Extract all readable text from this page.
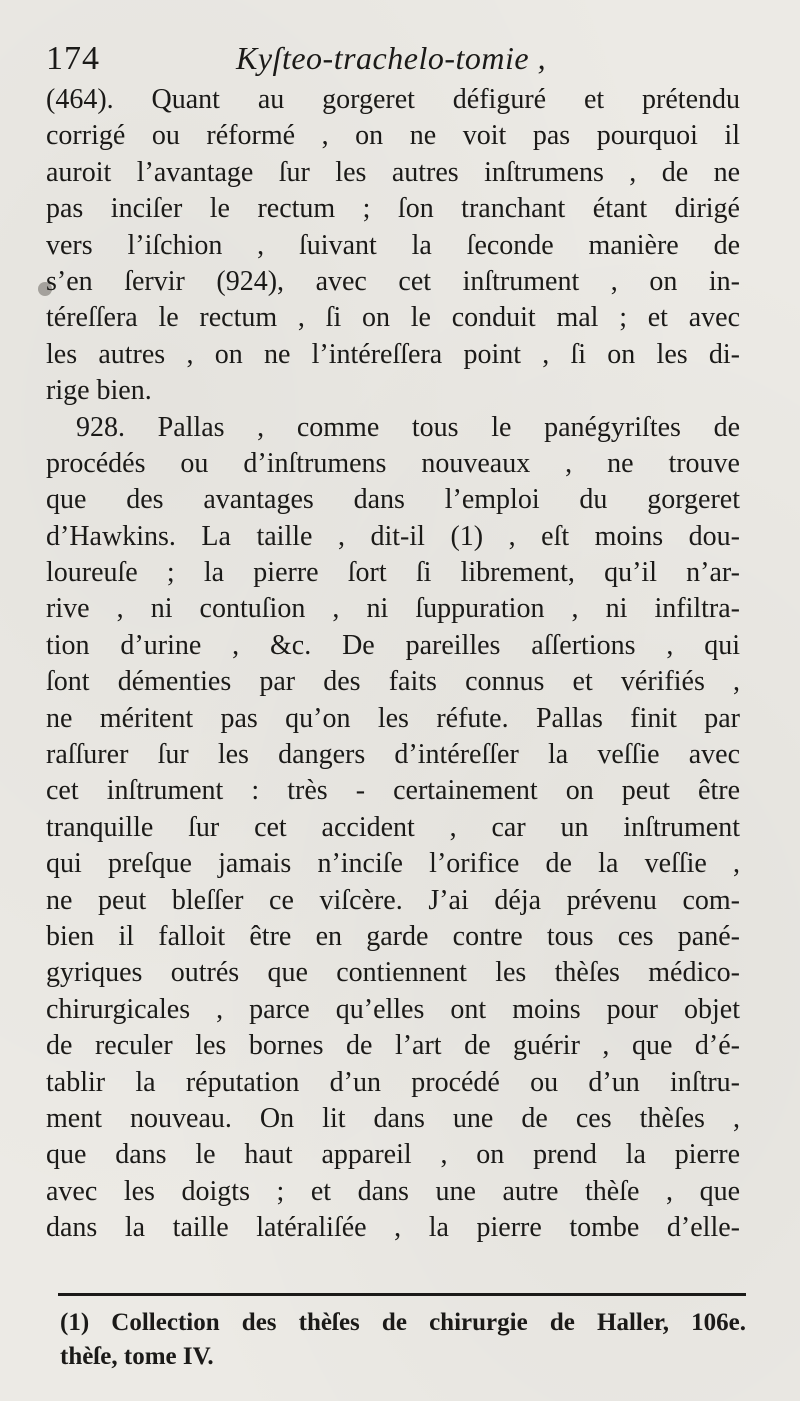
174	Kyſteo-trachelo-tomie ,
(464). Quant au gorgeret défiguré et prétendu
corrigé ou réformé , on ne voit pas pourquoi il
auroit l’avantage ſur les autres inſtrumens , de ne
pas inciſer le rectum ; ſon tranchant étant dirigé
vers l’iſchion , ſuivant la ſeconde manière de
s’en ſervir (924), avec cet inſtrument , on in-
téreſſera le rectum , ſi on le conduit mal ; et avec
les autres , on ne l’intéreſſera point , ſi on les di-
rige bien.
928. Pallas , comme tous le panégyriſtes de
procédés ou d’inſtrumens nouveaux , ne trouve
que des avantages dans l’emploi du gorgeret
d’Hawkins. La taille , dit-il (1) , eſt moins dou-
loureuſe ; la pierre ſort ſi librement, qu’il n’ar-
rive , ni contuſion , ni ſuppuration , ni infiltra-
tion d’urine , &c. De pareilles aſſertions , qui
ſont démenties par des faits connus et vérifiés ,
ne méritent pas qu’on les réfute. Pallas finit par
raſſurer ſur les dangers d’intéreſſer la veſſie avec
cet inſtrument : très - certainement on peut être
tranquille ſur cet accident , car un inſtrument
qui preſque jamais n’inciſe l’orifice de la veſſie ,
ne peut bleſſer ce viſcère. J’ai déja prévenu com-
bien il falloit être en garde contre tous ces pané-
gyriques outrés que contiennent les thèſes médico-
chirurgicales , parce qu’elles ont moins pour objet
de reculer les bornes de l’art de guérir , que d’é-
tablir la réputation d’un procédé ou d’un inſtru-
ment nouveau. On lit dans une de ces thèſes ,
que dans le haut appareil , on prend la pierre
avec les doigts ; et dans une autre thèſe , que
dans la taille latéraliſée , la pierre tombe d’elle-
(1) Collection des thèſes de chirurgie de Haller, 106e.
thèſe, tome IV.
